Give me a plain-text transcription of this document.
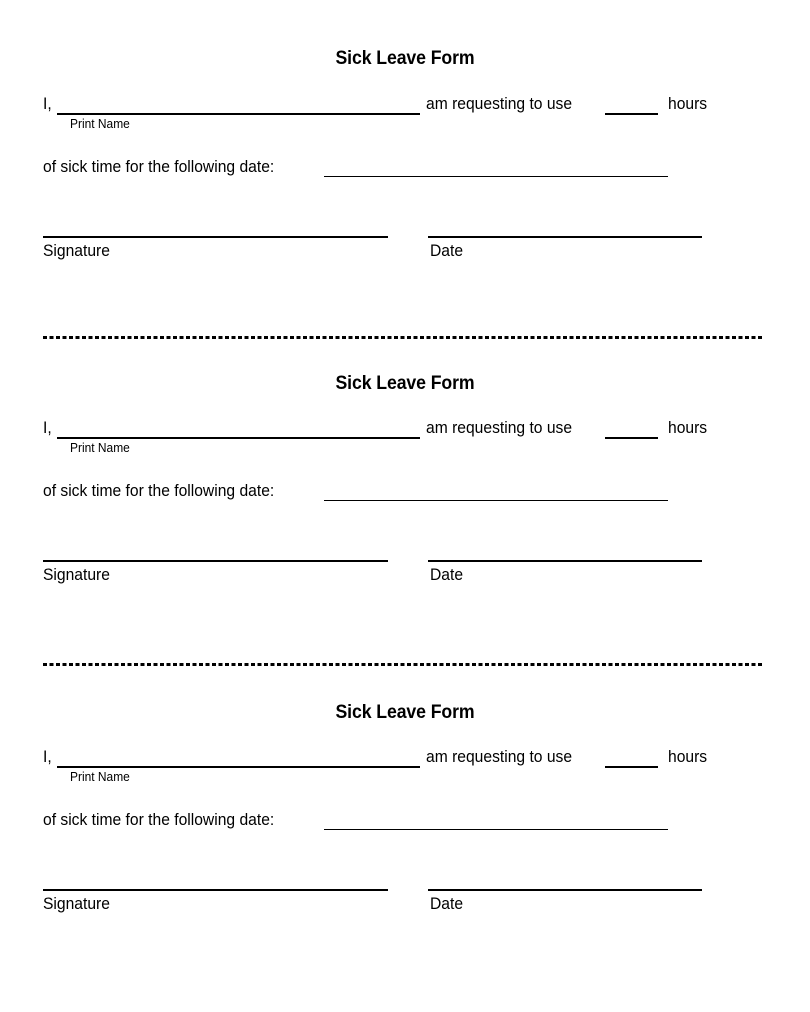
Sick Leave Form
I,
Print Name
am requesting to use	hours
of sick time for the following date:
Signature	Date
Sick Leave Form
I,
Print Name
am requesting to use	hours
of sick time for the following date:
Signature	Date
Sick Leave Form
I,
Print Name
am requesting to use	hours
of sick time for the following date:
Signature	Date
